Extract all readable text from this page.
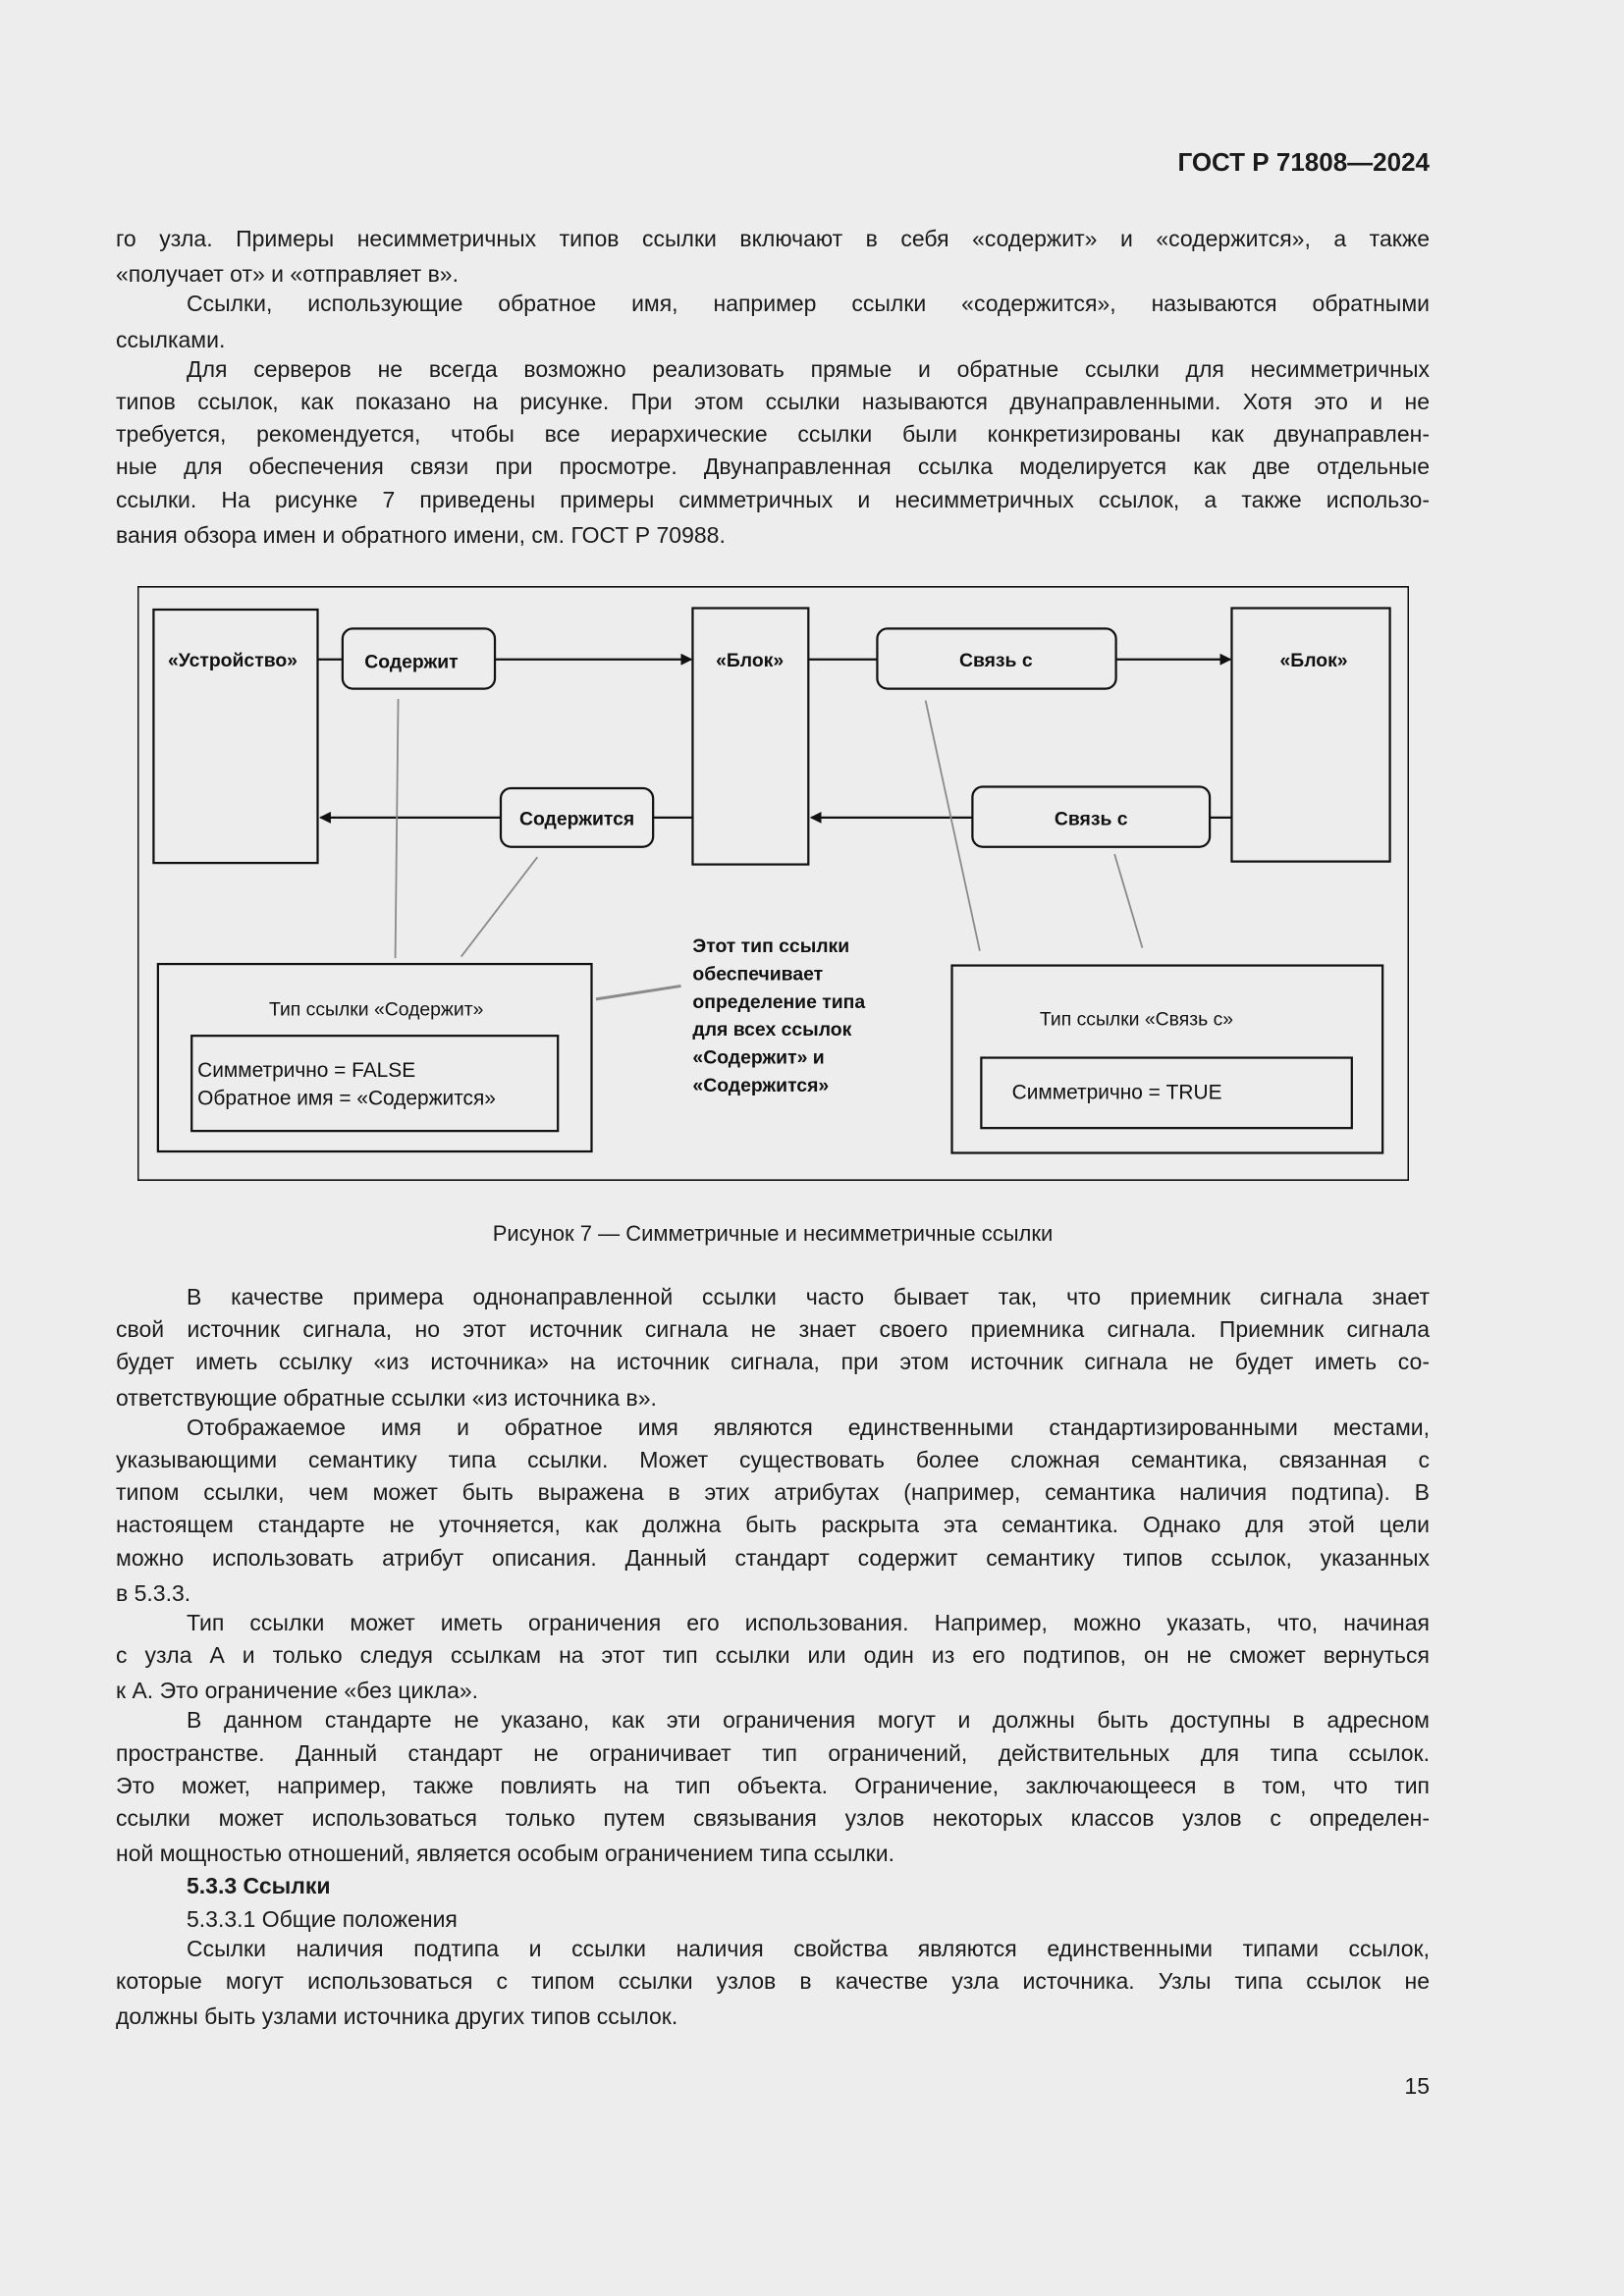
ГОСТ Р 71808—2024
го узла. Примеры несимметричных типов ссылки включают в себя «содержит» и «содержится», а также
«получает от» и «отправляет в».
Ссылки, использующие обратное имя, например ссылки «содержится», называются обратными
ссылками.
Для серверов не всегда возможно реализовать прямые и обратные ссылки для несимметричных
типов ссылок, как показано на рисунке. При этом ссылки называются двунаправленными. Хотя это и не
требуется, рекомендуется, чтобы все иерархические ссылки были конкретизированы как двунаправлен-
ные для обеспечения связи при просмотре. Двунаправленная ссылка моделируется как две отдельные
ссылки. На рисунке 7 приведены примеры симметричных и несимметричных ссылок, а также использо-
вания обзора имен и обратного имени, см. ГОСТ Р 70988.
«Устройство»	Содержит	«Блок»	Связь с	«Блок»
Содержится	Связь с
Тип ссылки «Содержит»
Симметрично = FALSE
Обратное имя = «Содержится»
Этот тип ссылки
обеспечивает
определение типа
для всех ссылок
«Содержит» и
«Содержится»
Тип ссылки «Связь с»
Симметрично = TRUE
Рисунок 7 — Симметричные и несимметричные ссылки
В качестве примера однонаправленной ссылки часто бывает так, что приемник сигнала знает
свой источник сигнала, но этот источник сигнала не знает своего приемника сигнала. Приемник сигнала
будет иметь ссылку «из источника» на источник сигнала, при этом источник сигнала не будет иметь со-
ответствующие обратные ссылки «из источника в».
Отображаемое имя и обратное имя являются единственными стандартизированными местами,
указывающими семантику типа ссылки. Может существовать более сложная семантика, связанная с
типом ссылки, чем может быть выражена в этих атрибутах (например, семантика наличия подтипа). В
настоящем стандарте не уточняется, как должна быть раскрыта эта семантика. Однако для этой цели
можно использовать атрибут описания. Данный стандарт содержит семантику типов ссылок, указанных
в 5.3.3.
Тип ссылки может иметь ограничения его использования. Например, можно указать, что, начиная
с узла А и только следуя ссылкам на этот тип ссылки или один из его подтипов, он не сможет вернуться
к А. Это ограничение «без цикла».
В данном стандарте не указано, как эти ограничения могут и должны быть доступны в адресном
пространстве. Данный стандарт не ограничивает тип ограничений, действительных для типа ссылок.
Это может, например, также повлиять на тип объекта. Ограничение, заключающееся в том, что тип
ссылки может использоваться только путем связывания узлов некоторых классов узлов с определен-
ной мощностью отношений, является особым ограничением типа ссылки.
5.3.3 Ссылки
5.3.3.1 Общие положения
Ссылки наличия подтипа и ссылки наличия свойства являются единственными типами ссылок,
которые могут использоваться с типом ссылки узлов в качестве узла источника. Узлы типа ссылок не
должны быть узлами источника других типов ссылок.
15
